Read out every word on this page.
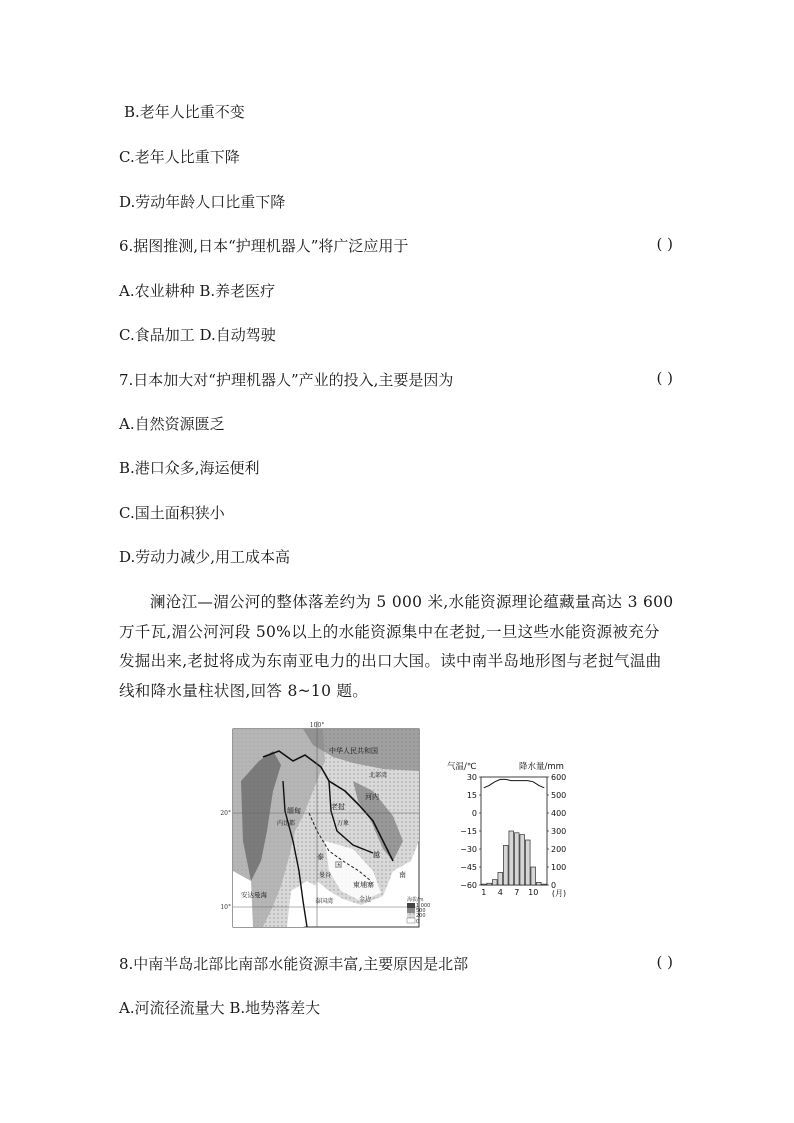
B.老年人比重不变
C.老年人比重下降
D.劳动年龄人口比重下降
6.据图推测,日本“护理机器人”将广泛应用于	( )
A.农业耕种 B.养老医疗
C.食品加工 D.自动驾驶
7.日本加大对“护理机器人”产业的投入,主要是因为	( )
A.自然资源匮乏
B.港口众多,海运便利
C.国土面积狭小
D.劳动力减少,用工成本高
澜沧江—湄公河的整体落差约为 5 000 米,水能资源理论蕴藏量高达 3 600 万千瓦,湄公河河段 50%以上的水能资源集中在老挝,一旦这些水能资源被充分发掘出来,老挝将成为东南亚电力的出口大国。读中南半岛地形图与老挝气温曲线和降水量柱状图,回答 8~10 题。
100°
20°
10°
中华人民共和国
北部湾
河内
缅甸
内比都
老挝
万象
泰
国
曼谷
柬埔寨
金边
越
南
安达曼海
泰国湾	海拔/m
1 000
500
200
0
气温/℃	降水量/mm
30
15
0
−15
−30
−45
−60
600
500
400
300
200
100
0
1 4 7 10 (月)
8.中南半岛北部比南部水能资源丰富,主要原因是北部	( )
A.河流径流量大 B.地势落差大
